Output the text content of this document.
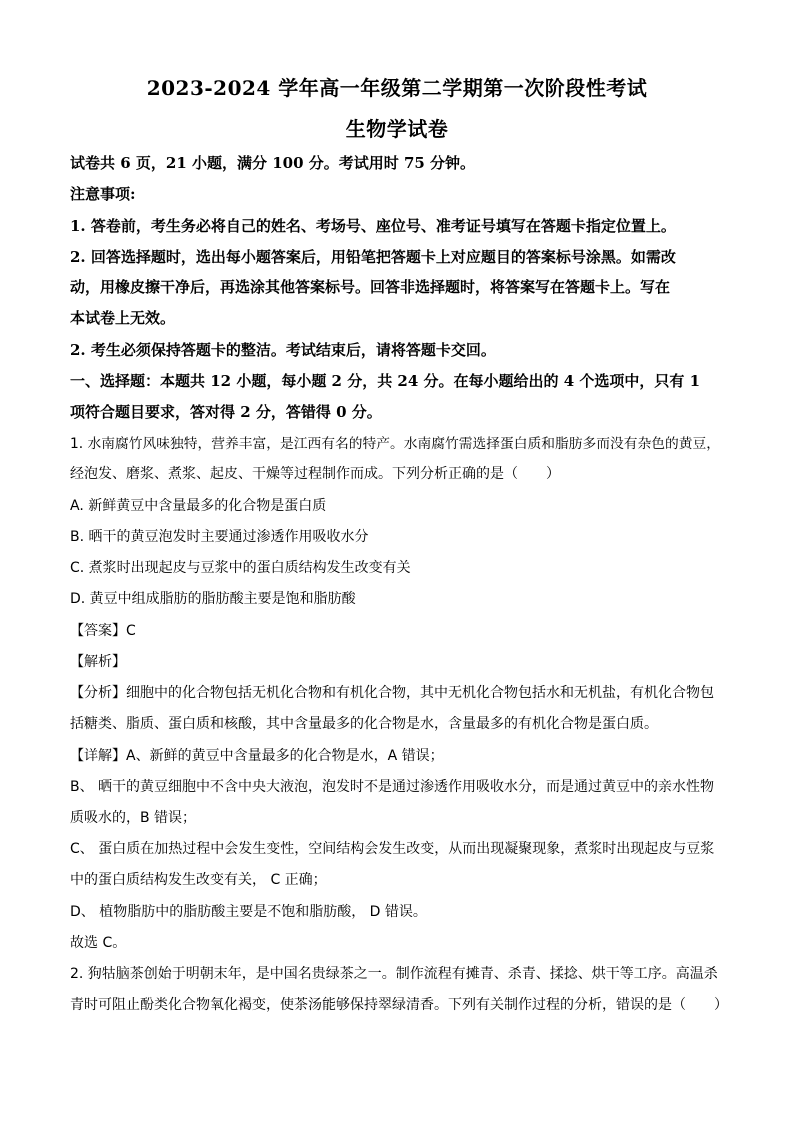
2023-2024 学年高一年级第二学期第一次阶段性考试
生物学试卷
试卷共 6 页，21 小题，满分 100 分。考试用时 75 分钟。
注意事项:
1. 答卷前，考生务必将自己的姓名、考场号、座位号、准考证号填写在答题卡指定位置上。
2. 回答选择题时，选出每小题答案后，用铅笔把答题卡上对应题目的答案标号涂黑。如需改
动，用橡皮擦干净后，再选涂其他答案标号。回答非选择题时，将答案写在答题卡上。写在
本试卷上无效。
2. 考生必须保持答题卡的整洁。考试结束后，请将答题卡交回。
一、选择题：本题共 12 小题，每小题 2 分，共 24 分。在每小题给出的 4 个选项中，只有 1
项符合题目要求，答对得 2 分，答错得 0 分。
1. 水南腐竹风味独特，营养丰富，是江西有名的特产。水南腐竹需选择蛋白质和脂肪多而没有杂色的黄豆，
经泡发、磨浆、煮浆、起皮、干燥等过程制作而成。下列分析正确的是（　　）
A. 新鲜黄豆中含量最多的化合物是蛋白质
B. 晒干的黄豆泡发时主要通过渗透作用吸收水分
C. 煮浆时出现起皮与豆浆中的蛋白质结构发生改变有关
D. 黄豆中组成脂肪的脂肪酸主要是饱和脂肪酸
【答案】C
【解析】
【分析】细胞中的化合物包括无机化合物和有机化合物，其中无机化合物包括水和无机盐，有机化合物包
括糖类、脂质、蛋白质和核酸，其中含量最多的化合物是水，含量最多的有机化合物是蛋白质。
【详解】A、新鲜的黄豆中含量最多的化合物是水，A 错误；
B、 晒干的黄豆细胞中不含中央大液泡，泡发时不是通过渗透作用吸收水分，而是通过黄豆中的亲水性物
质吸水的，B 错误；
C、 蛋白质在加热过程中会发生变性，空间结构会发生改变，从而出现凝聚现象，煮浆时出现起皮与豆浆
中的蛋白质结构发生改变有关， C 正确；
D、 植物脂肪中的脂肪酸主要是不饱和脂肪酸， D 错误。
故选 C。
2. 狗牯脑茶创始于明朝末年，是中国名贵绿茶之一。制作流程有摊青、杀青、揉捻、烘干等工序。高温杀
青时可阻止酚类化合物氧化褐变，使茶汤能够保持翠绿清香。下列有关制作过程的分析，错误的是（　　）
